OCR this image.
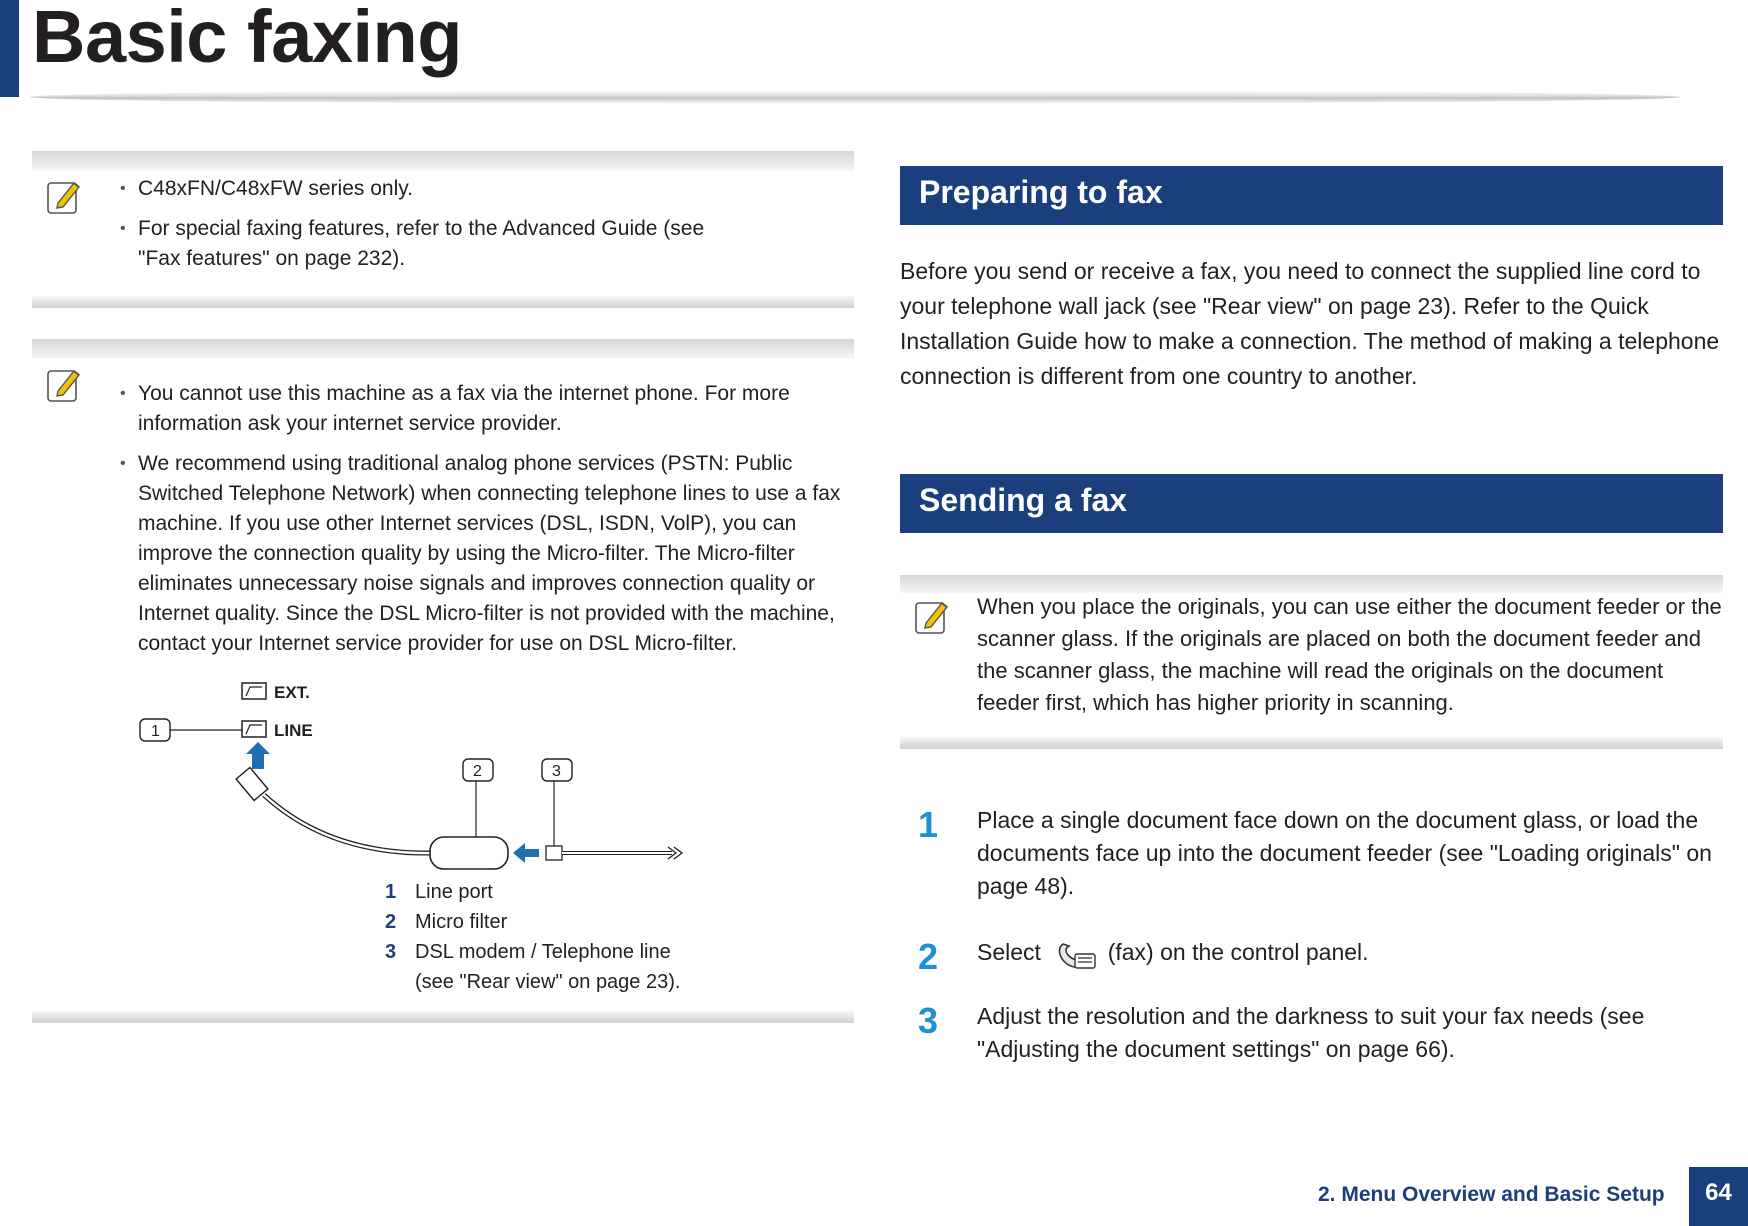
Basic faxing
• C48xFN/C48xFW series only.
• For special faxing features, refer to the Advanced Guide (see "Fax features" on page 232).
• You cannot use this machine as a fax via the internet phone. For more information ask your internet service provider.
• We recommend using traditional analog phone services (PSTN: Public Switched Telephone Network) when connecting telephone lines to use a fax machine. If you use other Internet services (DSL, ISDN, VolP), you can improve the connection quality by using the Micro-filter. The Micro-filter eliminates unnecessary noise signals and improves connection quality or Internet quality. Since the DSL Micro-filter is not provided with the machine, contact your Internet service provider for use on DSL Micro-filter.
EXT.
LINE
1
2	3
1 Line port
2 Micro filter
3 DSL modem / Telephone line (see "Rear view" on page 23).
Preparing to fax

Before you send or receive a fax, you need to connect the supplied line cord to your telephone wall jack (see "Rear view" on page 23). Refer to the Quick Installation Guide how to make a connection. The method of making a telephone connection is different from one country to another.

Sending a fax

When you place the originals, you can use either the document feeder or the scanner glass. If the originals are placed on both the document feeder and the scanner glass, the machine will read the originals on the document feeder first, which has higher priority in scanning.

1	Place a single document face down on the document glass, or load the documents face up into the document feeder (see "Loading originals" on page 48).

2	Select	(fax) on the control panel.

3	Adjust the resolution and the darkness to suit your fax needs (see "Adjusting the document settings" on page 66).

2. Menu Overview and Basic Setup	64
